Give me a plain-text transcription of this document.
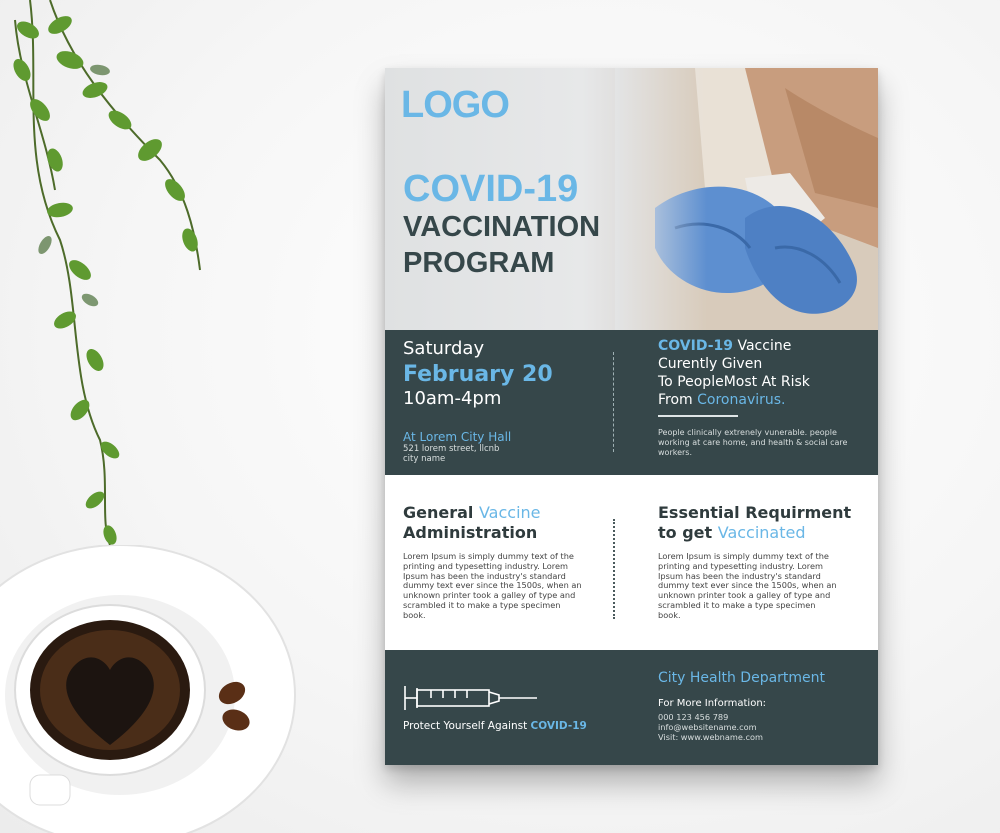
LOGO
COVID-19
VACCINATION
PROGRAM
Saturday
February 20
10am-4pm
At Lorem City Hall
521 lorem street, llcnb
city name
COVID-19 Vaccine
Curently Given
To PeopleMost At Risk
From Coronavirus.
People clinically extrenely vunerable. people working at care home, and health & social care workers.
General Vaccine
Administration
Lorem Ipsum is simply dummy text of the printing and typesetting industry. Lorem Ipsum has been the industry's standard dummy text ever since the 1500s, when an unknown printer took a galley of type and scrambled it to make a type specimen book.
Essential Requirment
to get Vaccinated
Lorem Ipsum is simply dummy text of the printing and typesetting industry. Lorem Ipsum has been the industry's standard dummy text ever since the 1500s, when an unknown printer took a galley of type and scrambled it to make a type specimen book.
Protect Yourself Against COVID-19
City Health Department
For More Information:
000 123 456 789
info@websitename.com
Visit: www.webname.com
